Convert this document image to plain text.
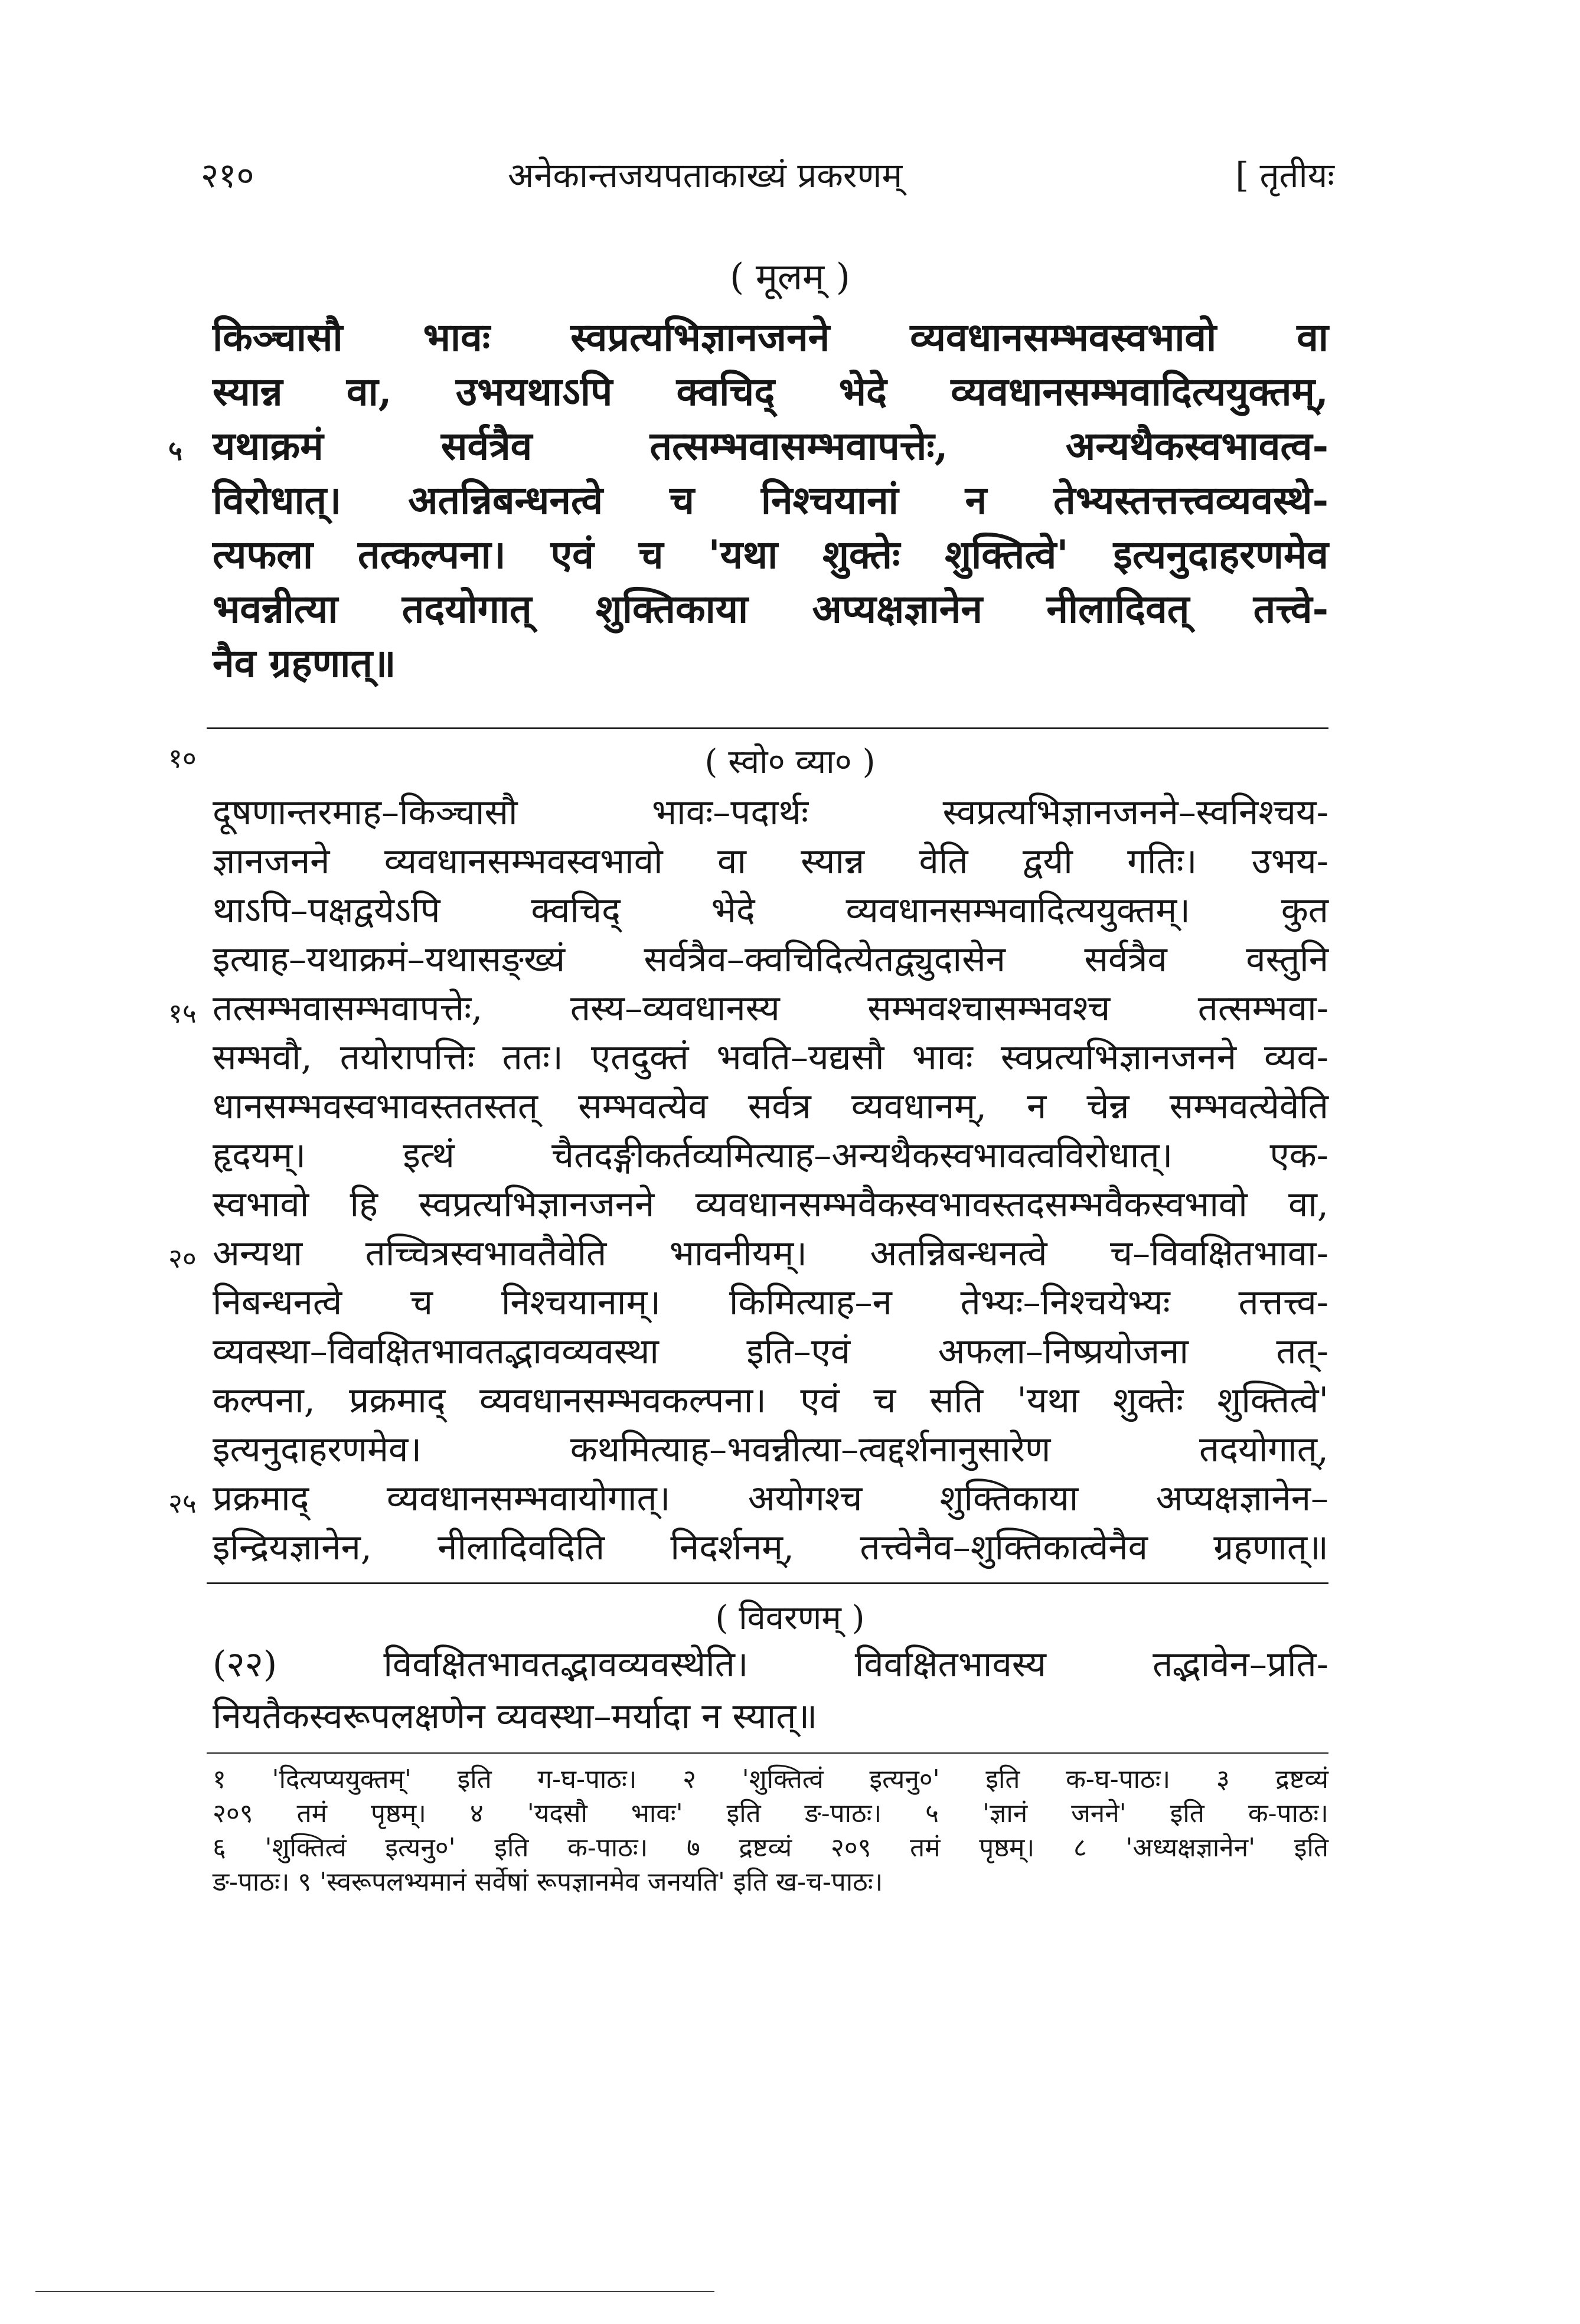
२१०	अनेकान्तजयपताकाख्यं प्रकरणम्	[ तृतीयः
( मूलम् )
किञ्चासौ भावः स्वप्रत्यभिज्ञानजनने व्यवधानसम्भवस्वभावो वा
स्यान्न वा, उभयथाऽपि क्वचिद् भेदे व्यवधानसम्भवादित्ययुक्तम्,
५ यथाक्रमं सर्वत्रैव तत्सम्भवासम्भवापत्तेः, अन्यथैकस्वभावत्व-
विरोधात्। अतन्निबन्धनत्वे च निश्चयानां न तेभ्यस्तत्तत्त्वव्यवस्थे-
त्यफला तत्कल्पना। एवं च 'यथा शुक्तेः शुक्तित्वे' इत्यनुदाहरणमेव
भवन्नीत्या तदयोगात् शुक्तिकाया अप्यक्षज्ञानेन नीलादिवत् तत्त्वे-
नैव ग्रहणात्॥
१०	( स्वो० व्या० )
दूषणान्तरमाह–किञ्चासौ भावः–पदार्थः स्वप्रत्यभिज्ञानजनने–स्वनिश्चय-
ज्ञानजनने व्यवधानसम्भवस्वभावो वा स्यान्न वेति द्वयी गतिः। उभय-
थाऽपि–पक्षद्वयेऽपि क्वचिद् भेदे व्यवधानसम्भवादित्ययुक्तम्। कुत
इत्याह–यथाक्रमं–यथासङ्ख्यं सर्वत्रैव–क्वचिदित्येतद्व्युदासेन सर्वत्रैव वस्तुनि
१५ तत्सम्भवासम्भवापत्तेः, तस्य–व्यवधानस्य सम्भवश्चासम्भवश्च तत्सम्भवा-
सम्भवौ, तयोरापत्तिः ततः। एतदुक्तं भवति–यद्यसौ भावः स्वप्रत्यभिज्ञानजनने व्यव-
धानसम्भवस्वभावस्ततस्तत् सम्भवत्येव सर्वत्र व्यवधानम्, न चेन्न सम्भवत्येवेति
हृदयम्। इत्थं चैतदङ्गीकर्तव्यमित्याह–अन्यथैकस्वभावत्वविरोधात्। एक-
स्वभावो हि स्वप्रत्यभिज्ञानजनने व्यवधानसम्भवैकस्वभावस्तदसम्भवैकस्वभावो वा,
२० अन्यथा तच्चित्रस्वभावतैवेति भावनीयम्। अतन्निबन्धनत्वे च–विवक्षितभावा-
निबन्धनत्वे च निश्चयानाम्। किमित्याह–न तेभ्यः–निश्चयेभ्यः तत्तत्त्व-
व्यवस्था–विवक्षितभावतद्भावव्यवस्था इति–एवं अफला–निष्प्रयोजना तत्-
कल्पना, प्रक्रमाद् व्यवधानसम्भवकल्पना। एवं च सति 'यथा शुक्तेः शुक्तित्वे'
इत्यनुदाहरणमेव। कथमित्याह–भवन्नीत्या–त्वद्दर्शनानुसारेण तदयोगात्,
२५ प्रक्रमाद् व्यवधानसम्भवायोगात्। अयोगश्च शुक्तिकाया अप्यक्षज्ञानेन–
इन्द्रियज्ञानेन, नीलादिवदिति निदर्शनम्, तत्त्वेनैव–शुक्तिकात्वेनैव ग्रहणात्॥
( विवरणम् )
(२२) विवक्षितभावतद्भावव्यवस्थेति। विवक्षितभावस्य तद्भावेन–प्रति-
नियतैकस्वरूपलक्षणेन व्यवस्था–मर्यादा न स्यात्॥
१ 'दित्यप्ययुक्तम्' इति ग-घ-पाठः। २ 'शुक्तित्वं इत्यनु०' इति क-घ-पाठः। ३ द्रष्टव्यं
२०९ तमं पृष्ठम्। ४ 'यदसौ भावः' इति ङ-पाठः। ५ 'ज्ञानं जनने' इति क-पाठः।
६ 'शुक्तित्वं इत्यनु०' इति क-पाठः। ७ द्रष्टव्यं २०९ तमं पृष्ठम्। ८ 'अध्यक्षज्ञानेन' इति
ङ-पाठः। ९ 'स्वरूपलभ्यमानं सर्वेषां रूपज्ञानमेव जनयति' इति ख-च-पाठः।
